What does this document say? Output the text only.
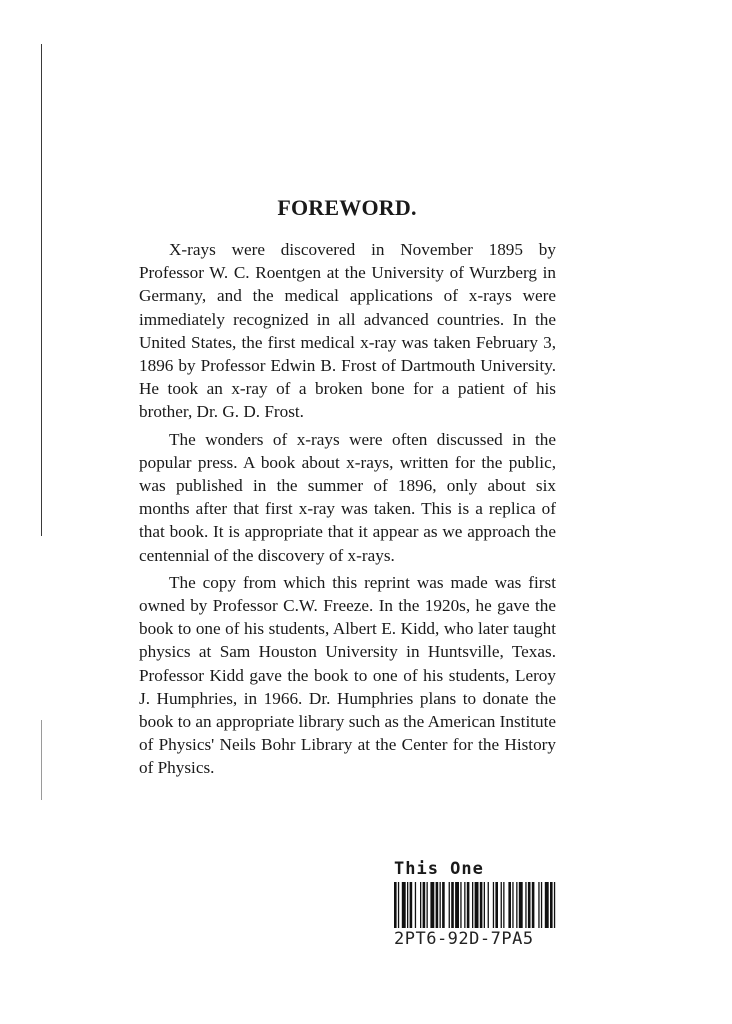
FOREWORD.

X-rays were discovered in November 1895 by Professor W. C. Roentgen at the University of Wurzberg in Germany, and the medical applications of x-rays were immediately recognized in all advanced countries. In the United States, the first medical x-ray was taken February 3, 1896 by Professor Edwin B. Frost of Dartmouth University. He took an x-ray of a broken bone for a patient of his brother, Dr. G. D. Frost.

The wonders of x-rays were often discussed in the popular press. A book about x-rays, written for the public, was published in the summer of 1896, only about six months after that first x-ray was taken. This is a replica of that book. It is appropriate that it appear as we approach the centennial of the discovery of x-rays.

The copy from which this reprint was made was first owned by Professor C.W. Freeze. In the 1920s, he gave the book to one of his students, Albert E. Kidd, who later taught physics at Sam Houston University in Huntsville, Texas. Professor Kidd gave the book to one of his students, Leroy J. Humphries, in 1966. Dr. Humphries plans to donate the book to an appropriate library such as the American Institute of Physics' Neils Bohr Library at the Center for the History of Physics.

This One
2PT6-92D-7PA5
